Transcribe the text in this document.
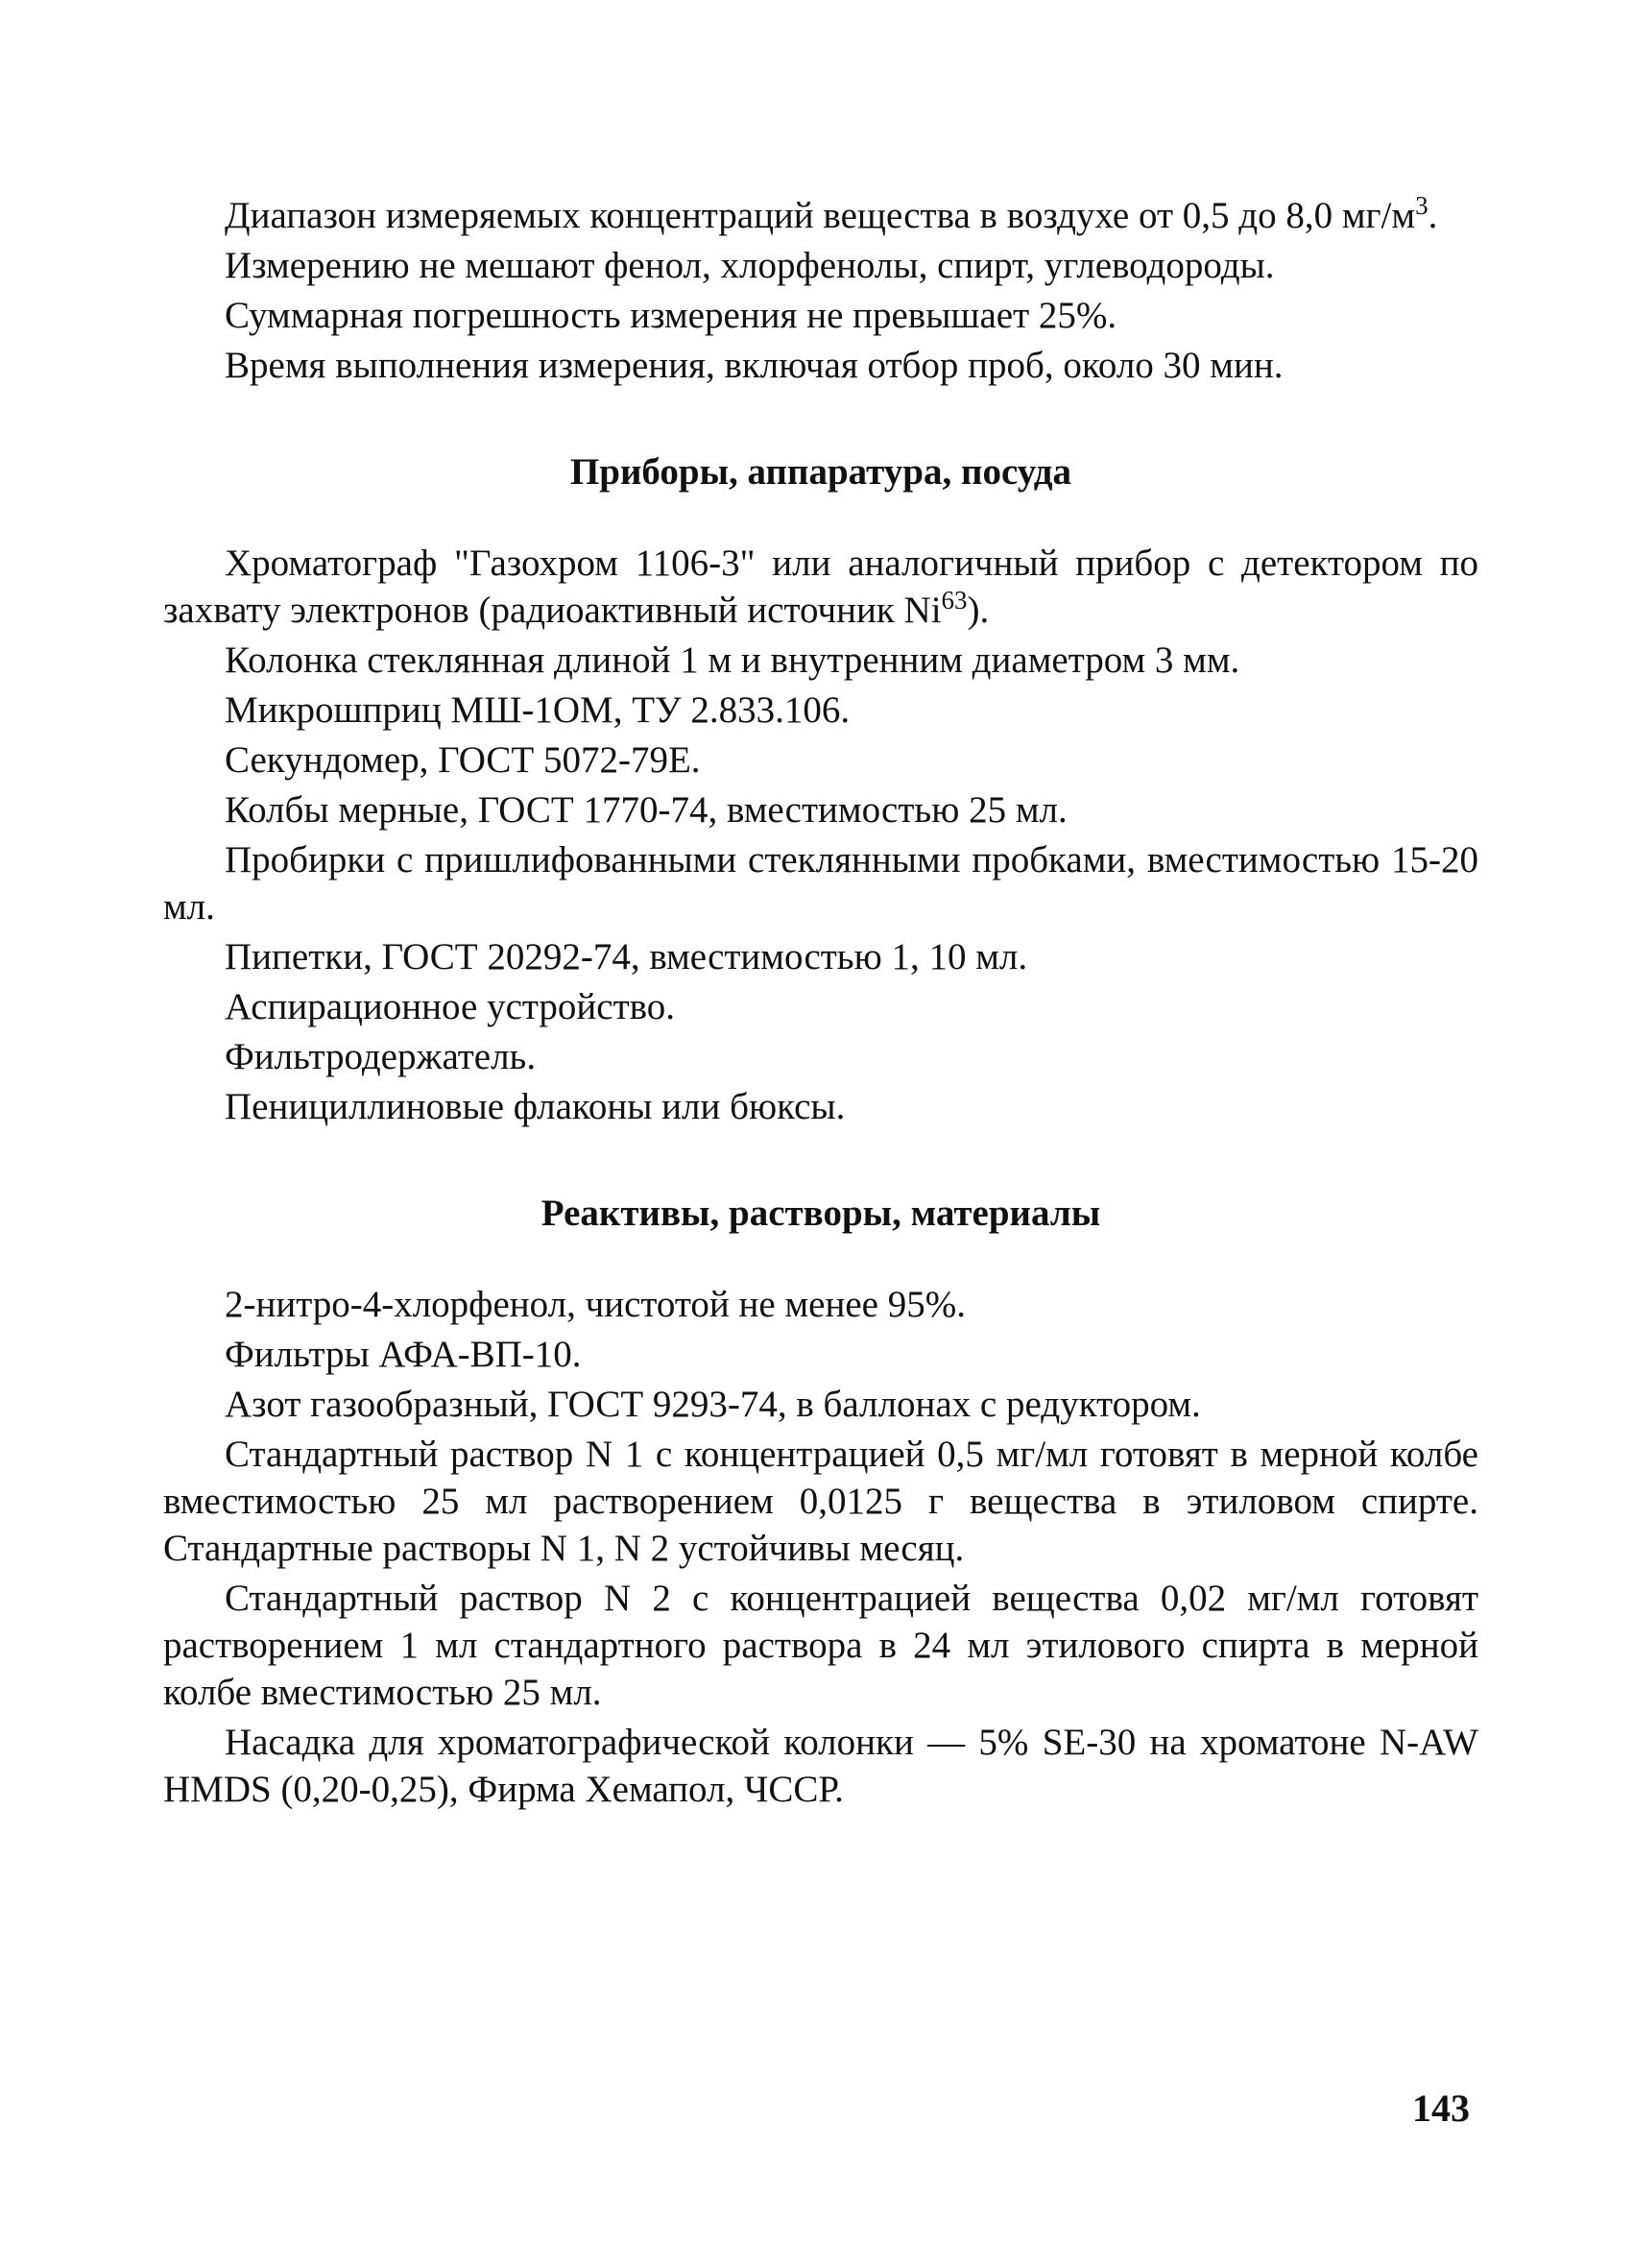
Диапазон измеряемых концентраций вещества в воздухе от 0,5 до 8,0 $мг/м^3$.

Измерению не мешают фенол, хлорфенолы, спирт, углеводороды.

Суммарная погрешность измерения не превышает 25%.

Время выполнения измерения, включая отбор проб, около 30 мин.

Приборы, аппаратура, посуда

Хроматограф "Газохром 1106-3" или аналогичный прибор с детектором по захвату электронов (радиоактивный источник Ni$^{63}$).

Колонка стеклянная длиной 1 м и внутренним диаметром 3 мм.

Микрошприц МШ-1ОМ, ТУ 2.833.106.

Секундомер, ГОСТ 5072-79Е.

Колбы мерные, ГОСТ 1770-74, вместимостью 25 мл.

Пробирки с пришлифованными стеклянными пробками, вместимостью 15-20 мл.

Пипетки, ГОСТ 20292-74, вместимостью 1, 10 мл.

Аспирационное устройство.

Фильтродержатель.

Пенициллиновые флаконы или бюксы.

Реактивы, растворы, материалы

2-нитро-4-хлорфенол, чистотой не менее 95%.

Фильтры АФА-ВП-10.

Азот газообразный, ГОСТ 9293-74, в баллонах с редуктором.

Стандартный раствор N 1 с концентрацией 0,5 мг/мл готовят в мерной колбе вместимостью 25 мл растворением 0,0125 г вещества в этиловом спирте. Стандартные растворы N 1, N 2 устойчивы месяц.

Стандартный раствор N 2 с концентрацией вещества 0,02 мг/мл готовят растворением 1 мл стандартного раствора в 24 мл этилового спирта в мерной колбе вместимостью 25 мл.

Насадка для хроматографической колонки — 5% SE-30 на хроматоне N-AW HMDS (0,20-0,25), Фирма Хемапол, ЧССР.

143
